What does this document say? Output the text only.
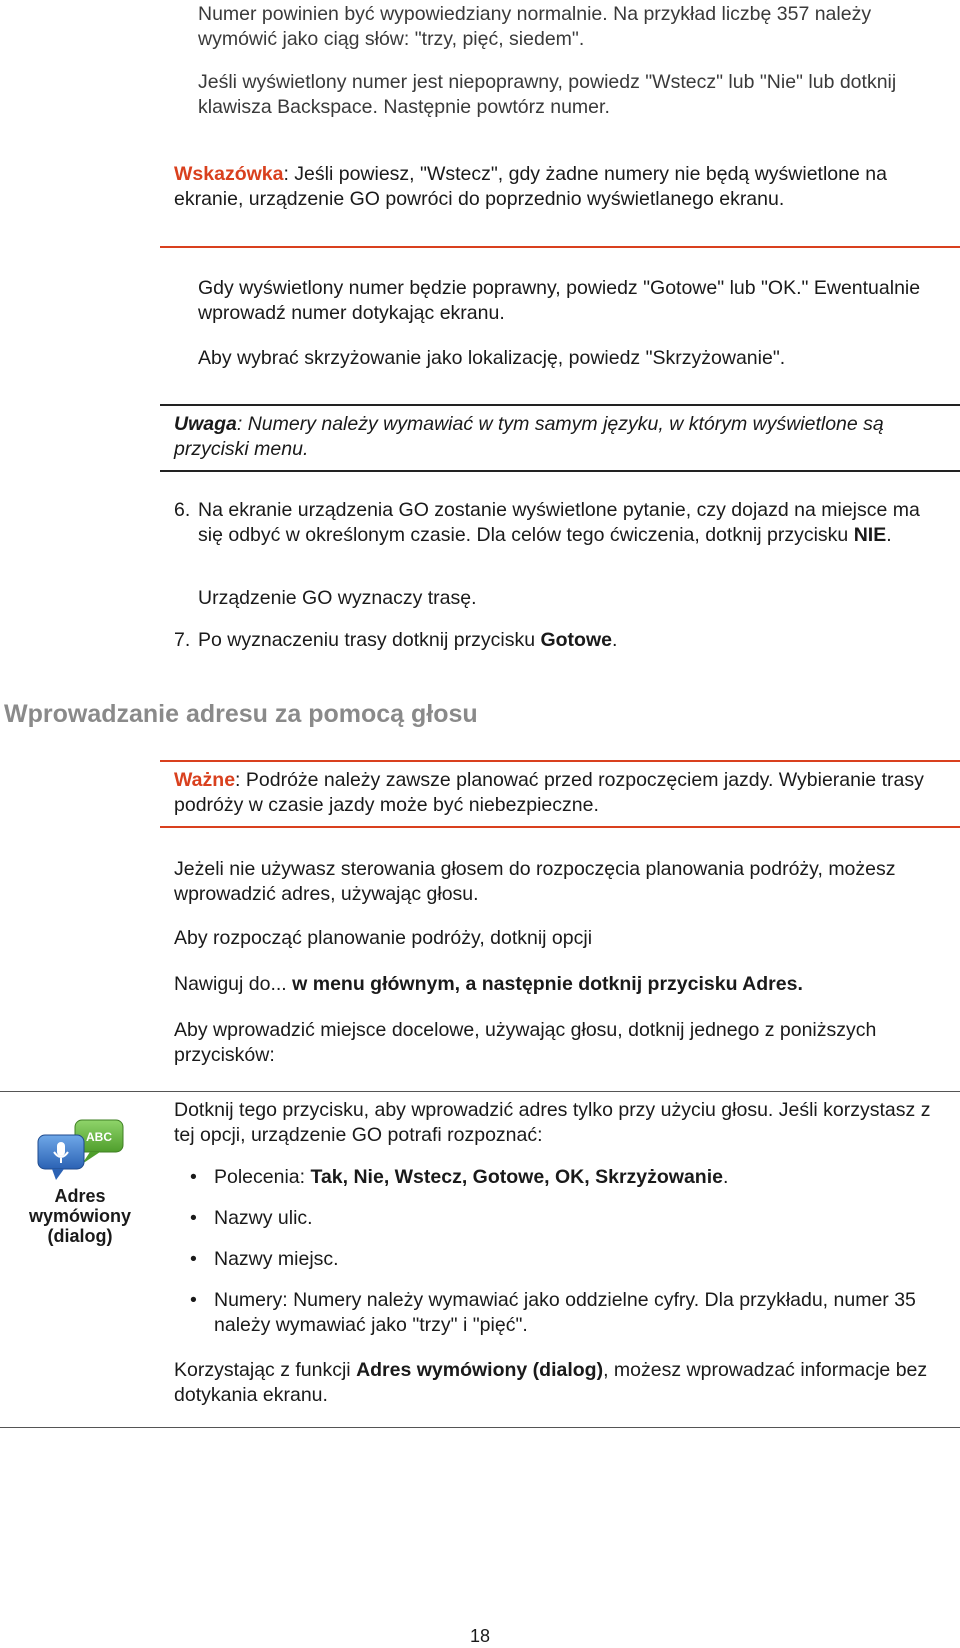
Numer powinien być wypowiedziany normalnie. Na przykład liczbę 357 należy wymówić jako ciąg słów: "trzy, pięć, siedem".
Jeśli wyświetlony numer jest niepoprawny, powiedz "Wstecz" lub "Nie" lub dotknij klawisza Backspace. Następnie powtórz numer.
Wskazówka: Jeśli powiesz, "Wstecz", gdy żadne numery nie będą wyświetlone na ekranie, urządzenie GO powróci do poprzednio wyświetlanego ekranu.
Gdy wyświetlony numer będzie poprawny, powiedz "Gotowe" lub "OK." Ewentualnie wprowadź numer dotykając ekranu.
Aby wybrać skrzyżowanie jako lokalizację, powiedz "Skrzyżowanie".
Uwaga: Numery należy wymawiać w tym samym języku, w którym wyświetlone są przyciski menu.
6. Na ekranie urządzenia GO zostanie wyświetlone pytanie, czy dojazd na miejsce ma się odbyć w określonym czasie. Dla celów tego ćwiczenia, dotknij przycisku NIE.
Urządzenie GO wyznaczy trasę.
7. Po wyznaczeniu trasy dotknij przycisku Gotowe.
Wprowadzanie adresu za pomocą głosu
Ważne: Podróże należy zawsze planować przed rozpoczęciem jazdy. Wybieranie trasy podróży w czasie jazdy może być niebezpieczne.
Jeżeli nie używasz sterowania głosem do rozpoczęcia planowania podróży, możesz wprowadzić adres, używając głosu.
Aby rozpocząć planowanie podróży, dotknij opcji
Nawiguj do... w menu głównym, a następnie dotknij przycisku Adres.
Aby wprowadzić miejsce docelowe, używając głosu, dotknij jednego z poniższych przycisków:
ABC
Adres wymówiony (dialog)
Dotknij tego przycisku, aby wprowadzić adres tylko przy użyciu głosu. Jeśli korzystasz z tej opcji, urządzenie GO potrafi rozpoznać:
• Polecenia: Tak, Nie, Wstecz, Gotowe, OK, Skrzyżowanie.
• Nazwy ulic.
• Nazwy miejsc.
• Numery: Numery należy wymawiać jako oddzielne cyfry. Dla przykładu, numer 35 należy wymawiać jako "trzy" i "pięć".
Korzystając z funkcji Adres wymówiony (dialog), możesz wprowadzać informacje bez dotykania ekranu.
18
